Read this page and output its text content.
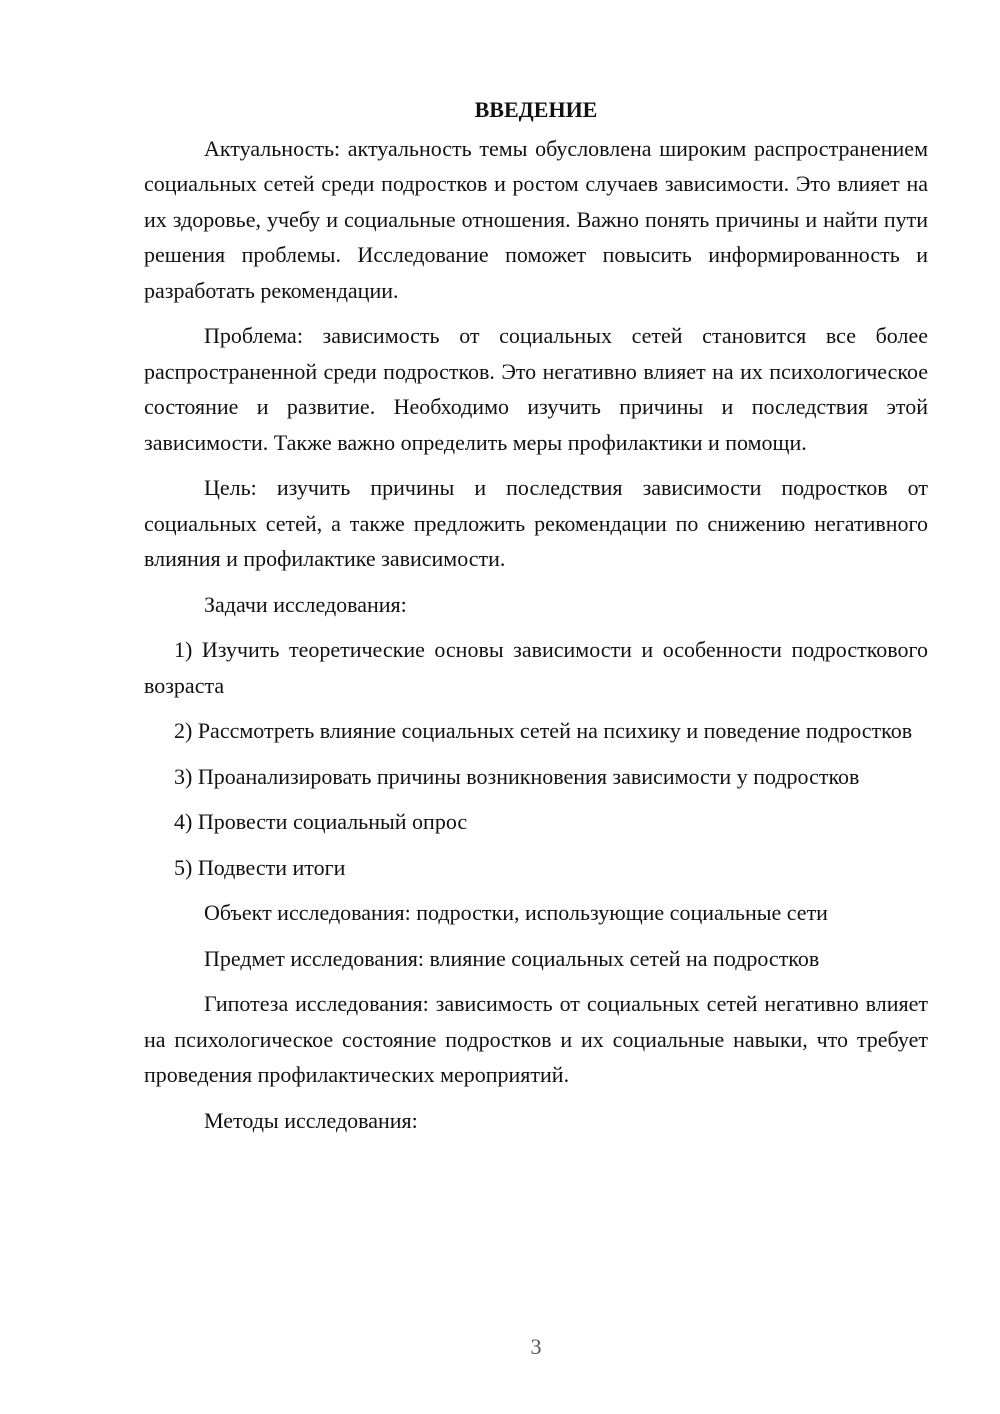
ВВЕДЕНИЕ
Актуальность: актуальность темы обусловлена широким распространением социальных сетей среди подростков и ростом случаев зависимости. Это влияет на их здоровье, учебу и социальные отношения. Важно понять причины и найти пути решения проблемы. Исследование поможет повысить информированность и разработать рекомендации.
Проблема: зависимость от социальных сетей становится все более распространенной среди подростков. Это негативно влияет на их психологическое состояние и развитие. Необходимо изучить причины и последствия этой зависимости. Также важно определить меры профилактики и помощи.
Цель: изучить причины и последствия зависимости подростков от социальных сетей, а также предложить рекомендации по снижению негативного влияния и профилактике зависимости.
Задачи исследования:
1) Изучить теоретические основы зависимости и особенности подросткового возраста
2) Рассмотреть влияние социальных сетей на психику и поведение подростков
3) Проанализировать причины возникновения зависимости у подростков
4) Провести социальный опрос
5) Подвести итоги
Объект исследования: подростки, использующие социальные сети
Предмет исследования: влияние социальных сетей на подростков
Гипотеза исследования: зависимость от социальных сетей негативно влияет на психологическое состояние подростков и их социальные навыки, что требует проведения профилактических мероприятий.
Методы исследования:
3
